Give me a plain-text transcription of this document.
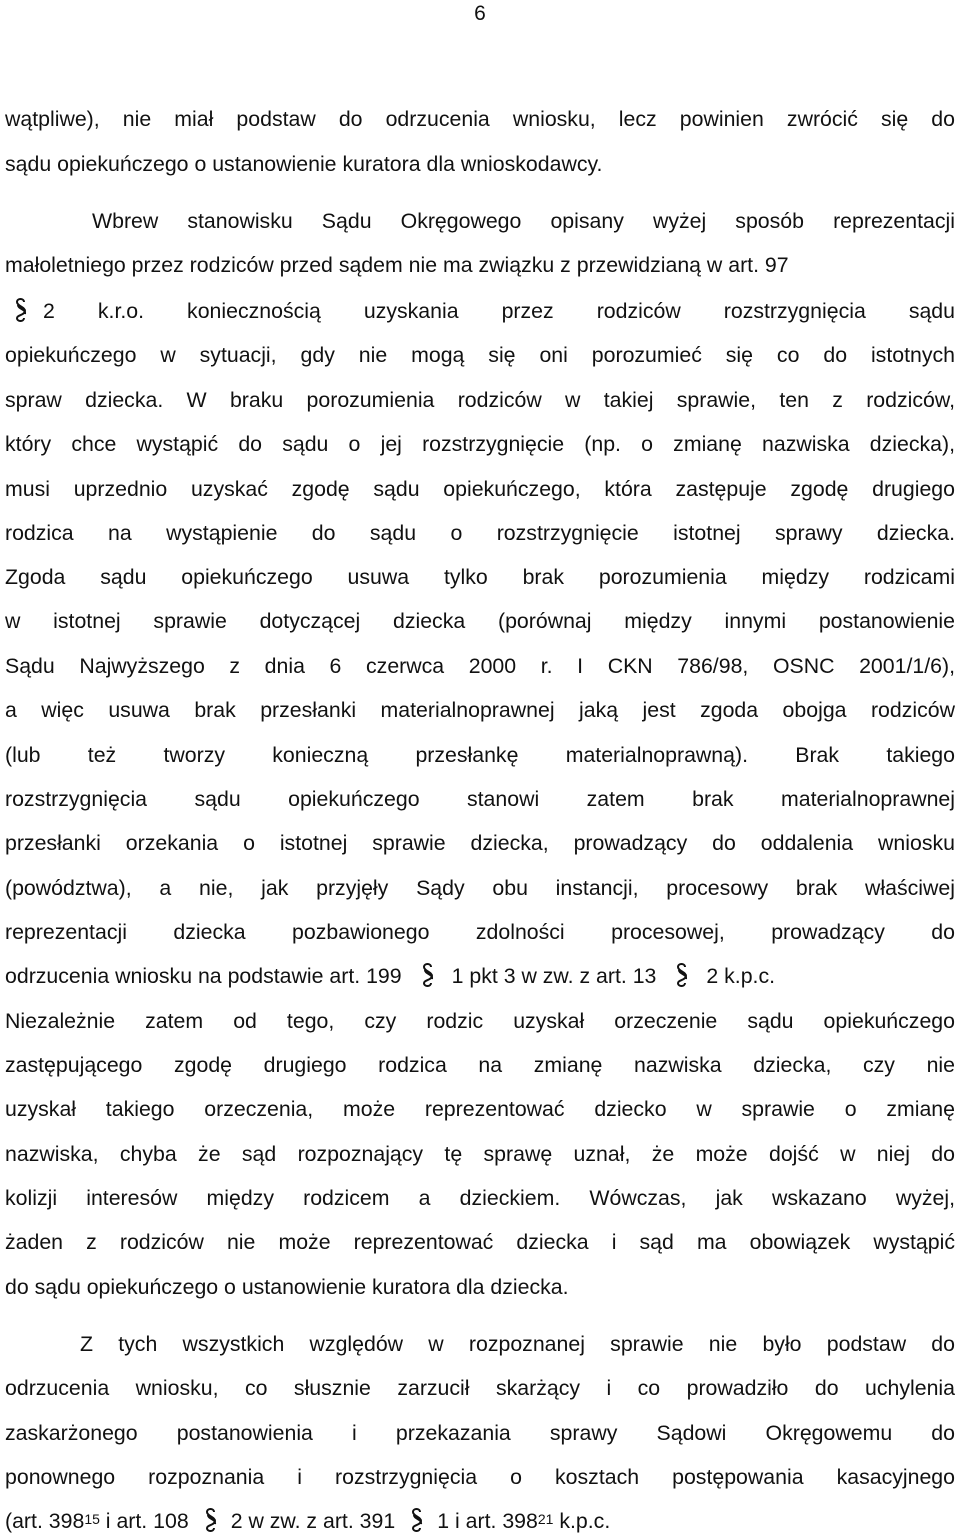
6
wątpliwe), nie miał podstaw do odrzucenia wniosku, lecz powinien zwrócić się do
sądu opiekuńczego o ustanowienie kuratora dla wnioskodawcy.
Wbrew stanowisku Sądu Okręgowego opisany wyżej sposób reprezentacji
małoletniego przez rodziców przed sądem nie ma związku z przewidzianą w art. 97
2 k.r.o. koniecznością uzyskania przez rodziców rozstrzygnięcia sądu
opiekuńczego w sytuacji, gdy nie mogą się oni porozumieć się co do istotnych
spraw dziecka. W braku porozumienia rodziców w takiej sprawie, ten z rodziców,
który chce wystąpić do sądu o jej rozstrzygnięcie (np. o zmianę nazwiska dziecka),
musi uprzednio uzyskać zgodę sądu opiekuńczego, która zastępuje zgodę drugiego
rodzica na wystąpienie do sądu o rozstrzygnięcie istotnej sprawy dziecka.
Zgoda sądu opiekuńczego usuwa tylko brak porozumienia między rodzicami
w istotnej sprawie dotyczącej dziecka (porównaj między innymi postanowienie
Sądu Najwyższego z dnia 6 czerwca 2000 r. I CKN 786/98, OSNC 2001/1/6),
a więc usuwa brak przesłanki materialnoprawnej jaką jest zgoda obojga rodziców
(lub też tworzy konieczną przesłankę materialnoprawną). Brak takiego
rozstrzygnięcia sądu opiekuńczego stanowi zatem brak materialnoprawnej
przesłanki orzekania o istotnej sprawie dziecka, prowadzący do oddalenia wniosku
(powództwa), a nie, jak przyjęły Sądy obu instancji, procesowy brak właściwej
reprezentacji dziecka pozbawionego zdolności procesowej, prowadzący do
odrzucenia wniosku na podstawie art. 199 1 pkt 3 w zw. z art. 13 2 k.p.c.
Niezależnie zatem od tego, czy rodzic uzyskał orzeczenie sądu opiekuńczego
zastępującego zgodę drugiego rodzica na zmianę nazwiska dziecka, czy nie
uzyskał takiego orzeczenia, może reprezentować dziecko w sprawie o zmianę
nazwiska, chyba że sąd rozpoznający tę sprawę uznał, że może dojść w niej do
kolizji interesów między rodzicem a dzieckiem. Wówczas, jak wskazano wyżej,
żaden z rodziców nie może reprezentować dziecka i sąd ma obowiązek wystąpić
do sądu opiekuńczego o ustanowienie kuratora dla dziecka.
Z tych wszystkich względów w rozpoznanej sprawie nie było podstaw do
odrzucenia wniosku, co słusznie zarzucił skarżący i co prowadziło do uchylenia
zaskarżonego postanowienia i przekazania sprawy Sądowi Okręgowemu do
ponownego rozpoznania i rozstrzygnięcia o kosztach postępowania kasacyjnego
(art. $398^{15}$ i art. 108 2 w zw. z art. 391 1 i art. $398^{21}$ k.p.c.
